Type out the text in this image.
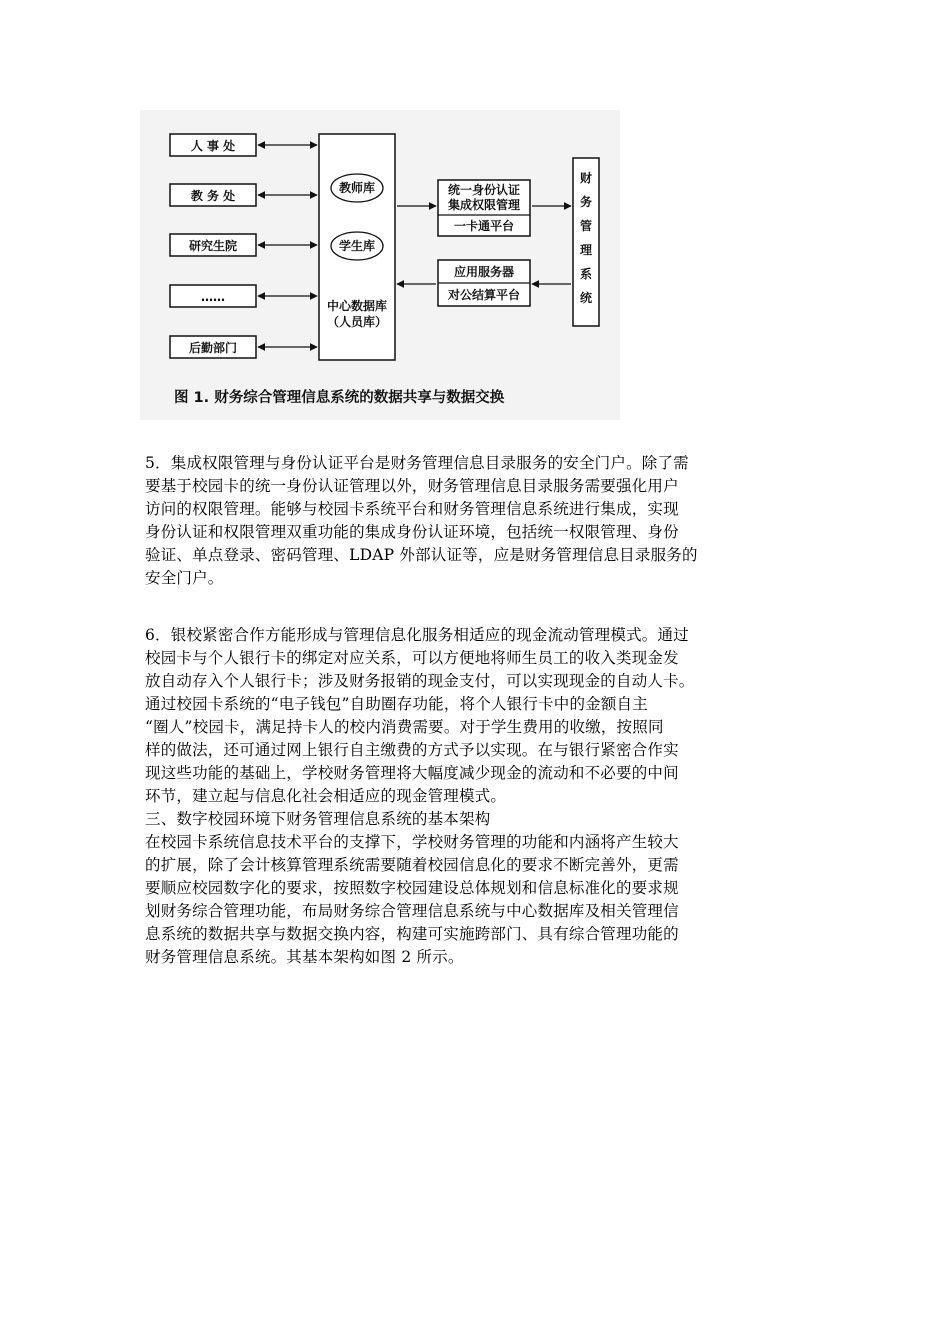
人 事 处
教 务 处
研究生院
……
后勤部门
教师库
学生库
中心数据库
（人员库）
统一身份认证
集成权限管理
一卡通平台
应用服务器
对公结算平台
财务管理系统
图 1. 财务综合管理信息系统的数据共享与数据交换
5．集成权限管理与身份认证平台是财务管理信息目录服务的安全门户。除了需
要基于校园卡的统一身份认证管理以外，财务管理信息目录服务需要强化用户
访问的权限管理。能够与校园卡系统平台和财务管理信息系统进行集成，实现
身份认证和权限管理双重功能的集成身份认证环境，包括统一权限管理、身份
验证、单点登录、密码管理、LDAP 外部认证等，应是财务管理信息目录服务的
安全门户。
6．银校紧密合作方能形成与管理信息化服务相适应的现金流动管理模式。通过
校园卡与个人银行卡的绑定对应关系，可以方便地将师生员工的收入类现金发
放自动存入个人银行卡；涉及财务报销的现金支付，可以实现现金的自动人卡。
通过校园卡系统的“电子钱包”自助圈存功能，将个人银行卡中的金额自主
“圈人”校园卡，满足持卡人的校内消费需要。对于学生费用的收缴，按照同
样的做法，还可通过网上银行自主缴费的方式予以实现。在与银行紧密合作实
现这些功能的基础上，学校财务管理将大幅度减少现金的流动和不必要的中间
环节，建立起与信息化社会相适应的现金管理模式。
三、数字校园环境下财务管理信息系统的基本架构
在校园卡系统信息技术平台的支撑下，学校财务管理的功能和内涵将产生较大
的扩展，除了会计核算管理系统需要随着校园信息化的要求不断完善外，更需
要顺应校园数字化的要求，按照数字校园建设总体规划和信息标准化的要求规
划财务综合管理功能，布局财务综合管理信息系统与中心数据库及相关管理信
息系统的数据共享与数据交换内容，构建可实施跨部门、具有综合管理功能的
财务管理信息系统。其基本架构如图 2 所示。
